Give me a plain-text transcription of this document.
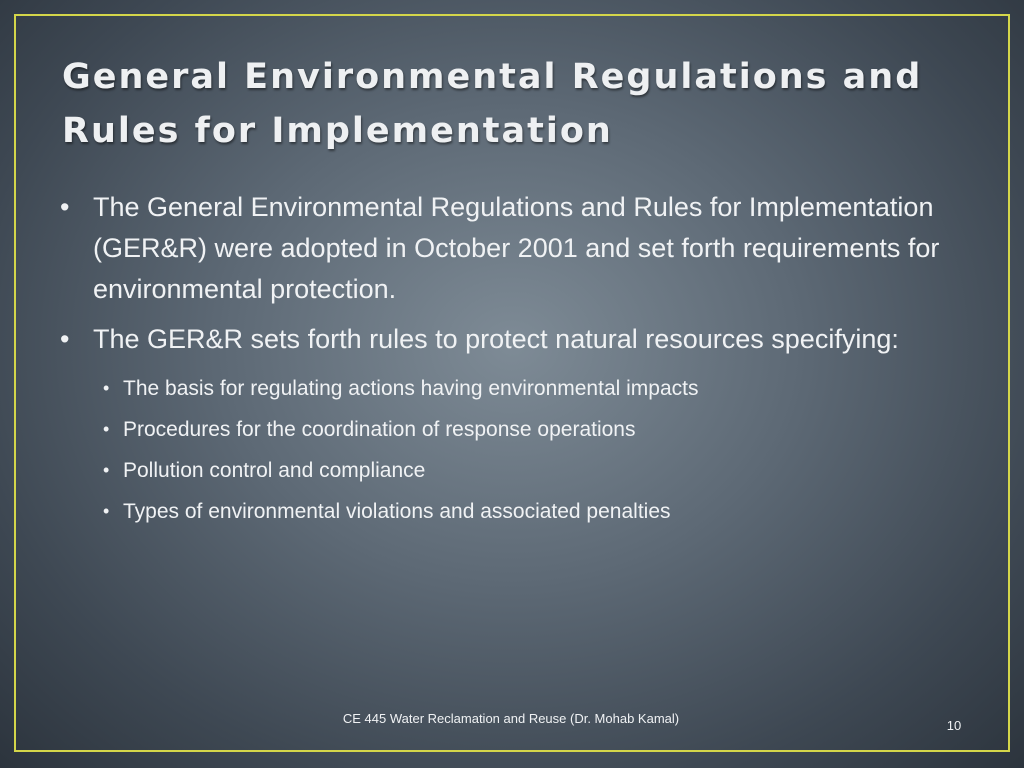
General Environmental Regulations and Rules for Implementation
• The General Environmental Regulations and Rules for Implementation (GER&R) were adopted in October 2001 and set forth requirements for environmental protection.
• The GER&R sets forth rules to protect natural resources specifying:
• The basis for regulating actions having environmental impacts
• Procedures for the coordination of response operations
• Pollution control and compliance
• Types of environmental violations and associated penalties
CE 445 Water Reclamation and Reuse (Dr. Mohab Kamal)	10
